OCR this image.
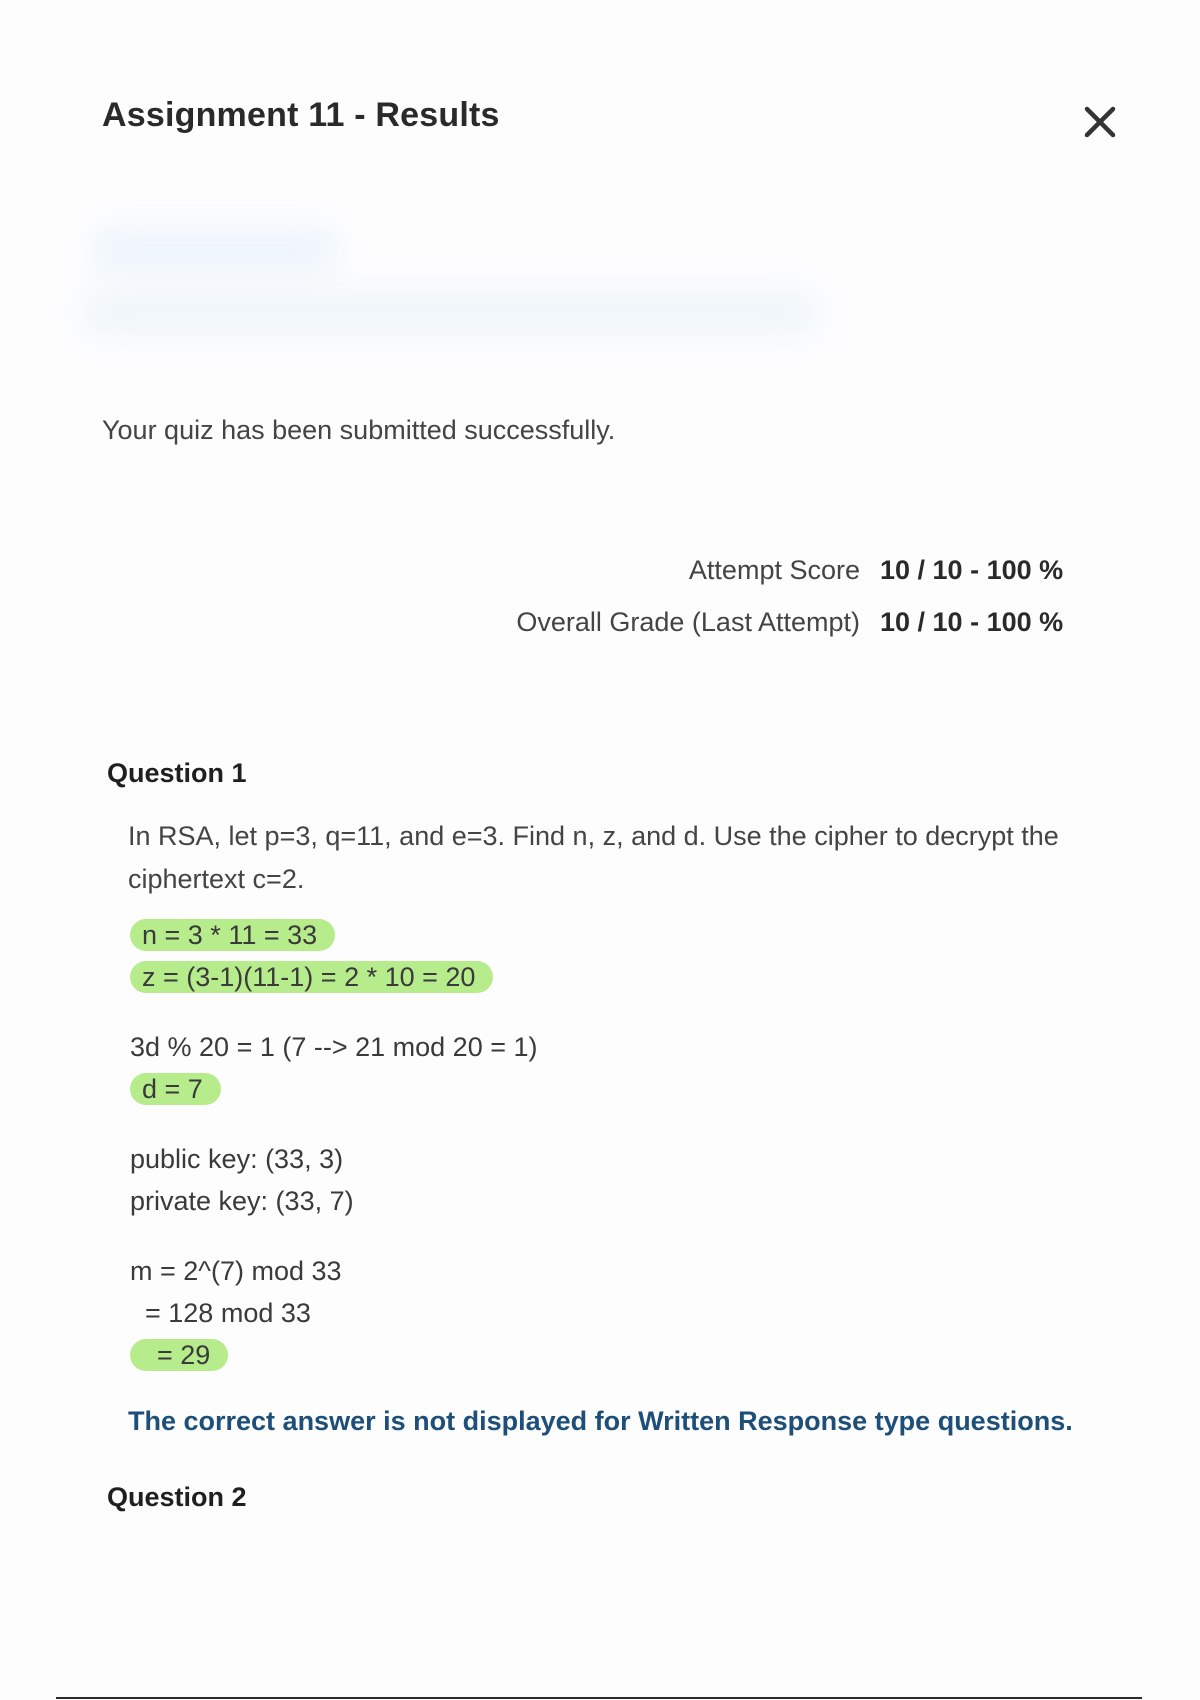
Assignment 11 - Results
Your quiz has been submitted successfully.
Attempt Score 10 / 10 - 100 %
Overall Grade (Last Attempt) 10 / 10 - 100 %
Question 1
In RSA, let p=3, q=11, and e=3. Find n, z, and d. Use the cipher to decrypt the ciphertext c=2.
n = 3 * 11 = 33
z = (3-1)(11-1) = 2 * 10 = 20
3d % 20 = 1 (7 --> 21 mod 20 = 1)
d = 7
public key: (33, 3)
private key: (33, 7)
m = 2^(7) mod 33
= 128 mod 33
= 29
The correct answer is not displayed for Written Response type questions.
Question 2
